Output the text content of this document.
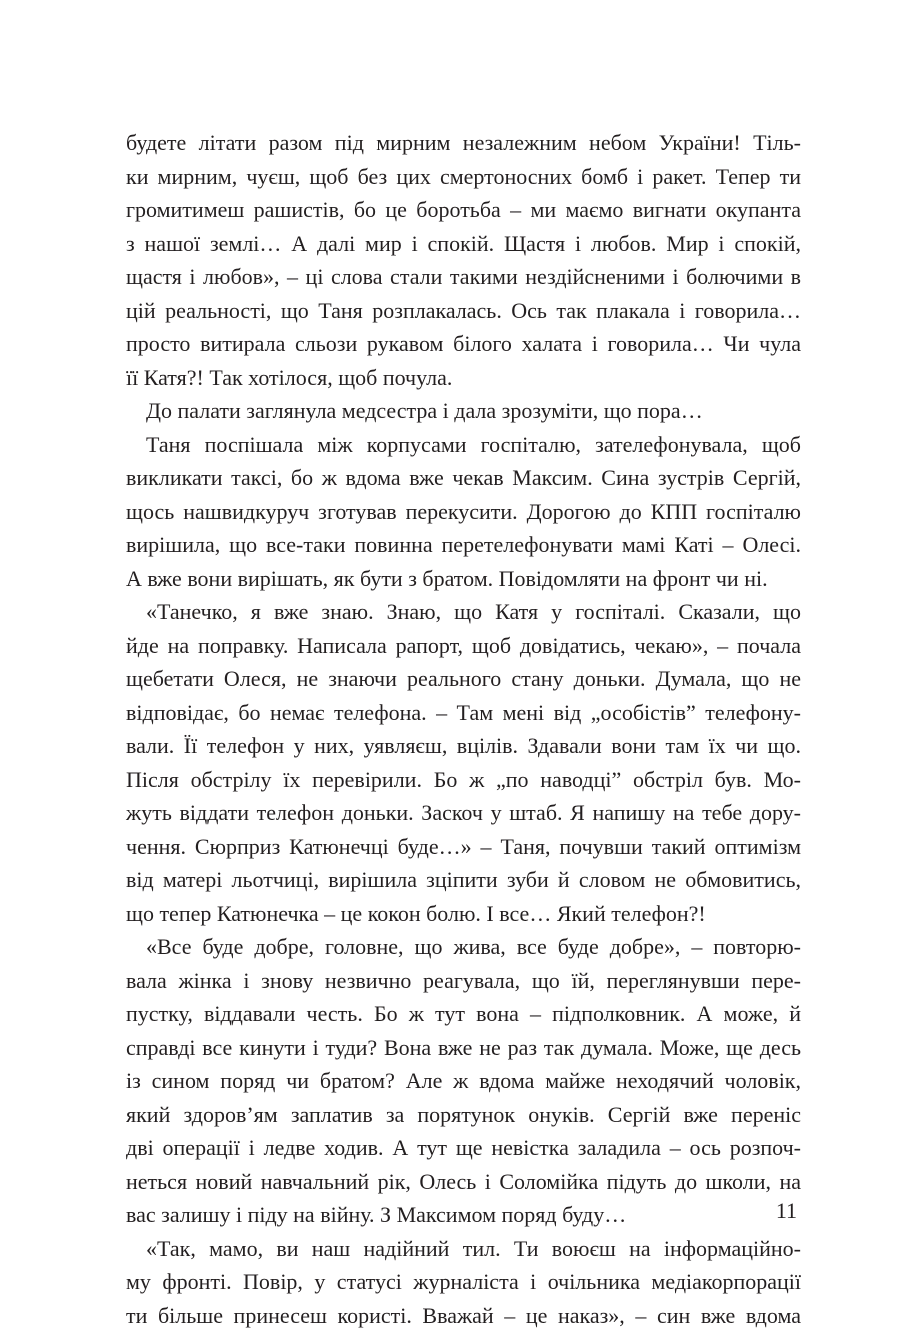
будете літати разом під мирним незалежним небом України! Тіль-
ки мирним, чуєш, щоб без цих смертоносних бомб і ракет. Тепер ти
громитимеш рашистів, бо це боротьба – ми маємо вигнати окупанта
з нашої землі… А далі мир і спокій. Щастя і любов. Мир і спокій,
щастя і любов», – ці слова стали такими нездійсненими і болючими в
цій реальності, що Таня розплакалась. Ось так плакала і говорила…
просто витирала сльози рукавом білого халата і говорила… Чи чула
її Катя?! Так хотілося, щоб почула.
До палати заглянула медсестра і дала зрозуміти, що пора…
Таня поспішала між корпусами госпіталю, зателефонувала, щоб
викликати таксі, бо ж вдома вже чекав Максим. Сина зустрів Сергій,
щось нашвидкуруч зготував перекусити. Дорогою до КПП госпіталю
вирішила, що все-таки повинна перетелефонувати мамі Каті – Олесі.
А вже вони вирішать, як бути з братом. Повідомляти на фронт чи ні.
«Танечко, я вже знаю. Знаю, що Катя у госпіталі. Сказали, що
йде на поправку. Написала рапорт, щоб довідатись, чекаю», – почала
щебетати Олеся, не знаючи реального стану доньки. Думала, що не
відповідає, бо немає телефона. – Там мені від „особістів” телефону-
вали. Її телефон у них, уявляєш, вцілів. Здавали вони там їх чи що.
Після обстрілу їх перевірили. Бо ж „по наводці” обстріл був. Мо-
жуть віддати телефон доньки. Заскоч у штаб. Я напишу на тебе дору-
чення. Сюрприз Катюнечці буде…» – Таня, почувши такий оптимізм
від матері льотчиці, вирішила зціпити зуби й словом не обмовитись,
що тепер Катюнечка – це кокон болю. І все… Який телефон?!
«Все буде добре, головне, що жива, все буде добре», – повторю-
вала жінка і знову незвично реагувала, що їй, переглянувши пере-
пустку, віддавали честь. Бо ж тут вона – підполковник. А може, й
справді все кинути і туди? Вона вже не раз так думала. Може, ще десь
із сином поряд чи братом? Але ж вдома майже неходячий чоловік,
який здоров’ям заплатив за порятунок онуків. Сергій вже переніс
дві операції і ледве ходив. А тут ще невістка заладила – ось розпоч-
неться новий навчальний рік, Олесь і Соломійка підуть до школи, на
вас залишу і піду на війну. З Максимом поряд буду…
«Так, мамо, ви наш надійний тил. Ти воюєш на інформаційно-
му фронті. Повір, у статусі журналіста і очільника медіакорпорації
ти більше принесеш користі. Вважай – це наказ», – син вже вдома
11
